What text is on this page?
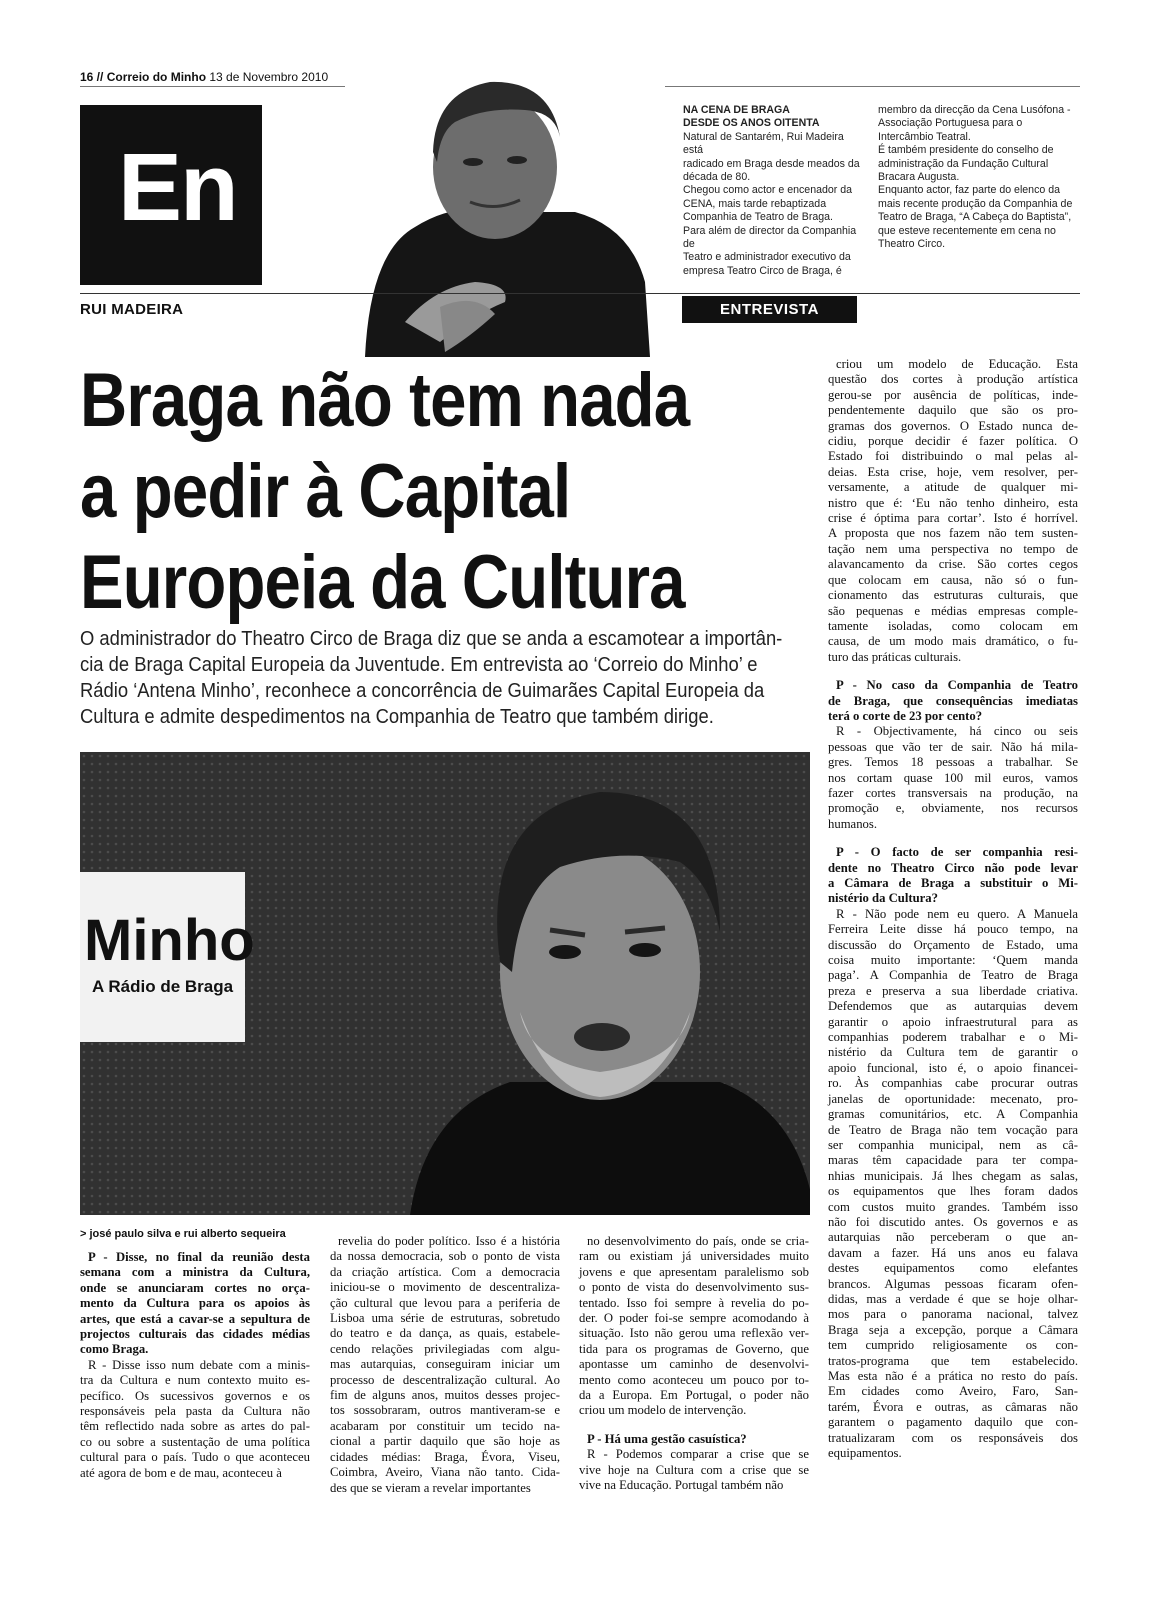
16 // Correio do Minho 13 de Novembro 2010
En
NA CENA DE BRAGA
DESDE OS ANOS OITENTA
Natural de Santarém, Rui Madeira está
radicado em Braga desde meados da
década de 80.
Chegou como actor e encenador da
CENA, mais tarde rebaptizada
Companhia de Teatro de Braga.
Para além de director da Companhia de
Teatro e administrador executivo da
empresa Teatro Circo de Braga, é
membro da direcção da Cena Lusófona -
Associação Portuguesa para o
Intercâmbio Teatral.
É também presidente do conselho de
administração da Fundação Cultural
Bracara Augusta.
Enquanto actor, faz parte do elenco da
mais recente produção da Companhia de
Teatro de Braga, “A Cabeça do Baptista”,
que esteve recentemente em cena no
Theatro Circo.
RUI MADEIRA	ENTREVISTA
Braga não tem nada
a pedir à Capital
Europeia da Cultura
O administrador do Theatro Circo de Braga diz que se anda a escamotear a importân-
cia de Braga Capital Europeia da Juventude. Em entrevista ao ‘Correio do Minho’ e
Rádio ‘Antena Minho’, reconhece a concorrência de Guimarães Capital Europeia da
Cultura e admite despedimentos na Companhia de Teatro que também dirige.
Minho
A Rádio de Braga
> josé paulo silva e rui alberto sequeira
P - Disse, no final da reunião desta
semana com a ministra da Cultura,
onde se anunciaram cortes no orça-
mento da Cultura para os apoios às
artes, que está a cavar-se a sepultura de
projectos culturais das cidades médias
como Braga.
R - Disse isso num debate com a minis-
tra da Cultura e num contexto muito es-
pecífico. Os sucessivos governos e os
responsáveis pela pasta da Cultura não
têm reflectido nada sobre as artes do pal-
co ou sobre a sustentação de uma política
cultural para o país. Tudo o que aconteceu
até agora de bom e de mau, aconteceu à
revelia do poder político. Isso é a história
da nossa democracia, sob o ponto de vista
da criação artística. Com a democracia
iniciou-se o movimento de descentraliza-
ção cultural que levou para a periferia de
Lisboa uma série de estruturas, sobretudo
do teatro e da dança, as quais, estabele-
cendo relações privilegiadas com algu-
mas autarquias, conseguiram iniciar um
processo de descentralização cultural. Ao
fim de alguns anos, muitos desses projec-
tos sossobraram, outros mantiveram-se e
acabaram por constituir um tecido na-
cional a partir daquilo que são hoje as
cidades médias: Braga, Évora, Viseu,
Coimbra, Aveiro, Viana não tanto. Cida-
des que se vieram a revelar importantes
no desenvolvimento do país, onde se cria-
ram ou existiam já universidades muito
jovens e que apresentam paralelismo sob
o ponto de vista do desenvolvimento sus-
tentado. Isso foi sempre à revelia do po-
der. O poder foi-se sempre acomodando à
situação. Isto não gerou uma reflexão ver-
tida para os programas de Governo, que
apontasse um caminho de desenvolvi-
mento como aconteceu um pouco por to-
da a Europa. Em Portugal, o poder não
criou um modelo de intervenção.
P - Há uma gestão casuística?
R - Podemos comparar a crise que se
vive hoje na Cultura com a crise que se
vive na Educação. Portugal também não
criou um modelo de Educação. Esta
questão dos cortes à produção artística
gerou-se por ausência de políticas, inde-
pendentemente daquilo que são os pro-
gramas dos governos. O Estado nunca de-
cidiu, porque decidir é fazer política. O
Estado foi distribuindo o mal pelas al-
deias. Esta crise, hoje, vem resolver, per-
versamente, a atitude de qualquer mi-
nistro que é: ‘Eu não tenho dinheiro, esta
crise é óptima para cortar’. Isto é horrível.
A proposta que nos fazem não tem susten-
tação nem uma perspectiva no tempo de
alavancamento da crise. São cortes cegos
que colocam em causa, não só o fun-
cionamento das estruturas culturais, que
são pequenas e médias empresas comple-
tamente isoladas, como colocam em
causa, de um modo mais dramático, o fu-
turo das práticas culturais.
P - No caso da Companhia de Teatro
de Braga, que consequências imediatas
terá o corte de 23 por cento?
R - Objectivamente, há cinco ou seis
pessoas que vão ter de sair. Não há mila-
gres. Temos 18 pessoas a trabalhar. Se
nos cortam quase 100 mil euros, vamos
fazer cortes transversais na produção, na
promoção e, obviamente, nos recursos
humanos.
P - O facto de ser companhia resi-
dente no Theatro Circo não pode levar
a Câmara de Braga a substituir o Mi-
nistério da Cultura?
R - Não pode nem eu quero. A Manuela
Ferreira Leite disse há pouco tempo, na
discussão do Orçamento de Estado, uma
coisa muito importante: ‘Quem manda
paga’. A Companhia de Teatro de Braga
preza e preserva a sua liberdade criativa.
Defendemos que as autarquias devem
garantir o apoio infraestrutural para as
companhias poderem trabalhar e o Mi-
nistério da Cultura tem de garantir o
apoio funcional, isto é, o apoio financei-
ro. Às companhias cabe procurar outras
janelas de oportunidade: mecenato, pro-
gramas comunitários, etc. A Companhia
de Teatro de Braga não tem vocação para
ser companhia municipal, nem as câ-
maras têm capacidade para ter compa-
nhias municipais. Já lhes chegam as salas,
os equipamentos que lhes foram dados
com custos muito grandes. Também isso
não foi discutido antes. Os governos e as
autarquias não perceberam o que an-
davam a fazer. Há uns anos eu falava
destes equipamentos como elefantes
brancos. Algumas pessoas ficaram ofen-
didas, mas a verdade é que se hoje olhar-
mos para o panorama nacional, talvez
Braga seja a excepção, porque a Câmara
tem cumprido religiosamente os con-
tratos-programa que tem estabelecido.
Mas esta não é a prática no resto do país.
Em cidades como Aveiro, Faro, San-
tarém, Évora e outras, as câmaras não
garantem o pagamento daquilo que con-
tratualizaram com os responsáveis dos
equipamentos.
